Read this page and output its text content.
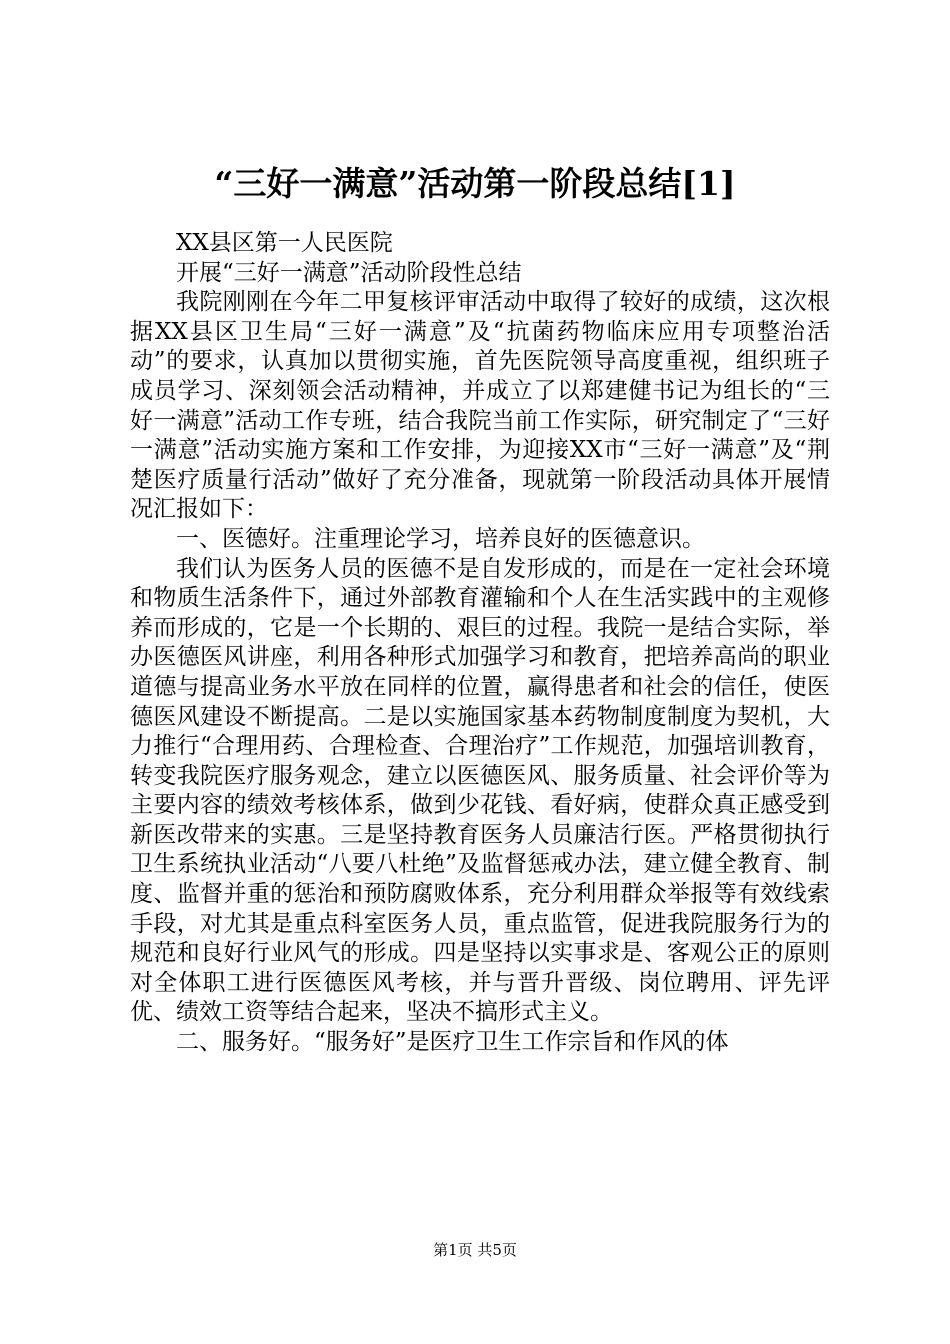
“三好一满意”活动第一阶段总结[1]

XX县区第一人民医院

开展“三好一满意”活动阶段性总结

我院刚刚在今年二甲复核评审活动中取得了较好的成绩，这次根据XX县区卫生局“三好一满意”及“抗菌药物临床应用专项整治活动”的要求，认真加以贯彻实施，首先医院领导高度重视，组织班子成员学习、深刻领会活动精神，并成立了以郑建健书记为组长的“三好一满意”活动工作专班，结合我院当前工作实际，研究制定了“三好一满意”活动实施方案和工作安排，为迎接XX市“三好一满意”及“荆楚医疗质量行活动”做好了充分准备，现就第一阶段活动具体开展情况汇报如下：

一、医德好。注重理论学习，培养良好的医德意识。

我们认为医务人员的医德不是自发形成的，而是在一定社会环境和物质生活条件下，通过外部教育灌输和个人在生活实践中的主观修养而形成的，它是一个长期的、艰巨的过程。我院一是结合实际，举办医德医风讲座，利用各种形式加强学习和教育，把培养高尚的职业道德与提高业务水平放在同样的位置，赢得患者和社会的信任，使医德医风建设不断提高。二是以实施国家基本药物制度制度为契机，大力推行“合理用药、合理检查、合理治疗”工作规范，加强培训教育，转变我院医疗服务观念，建立以医德医风、服务质量、社会评价等为主要内容的绩效考核体系，做到少花钱、看好病，使群众真正感受到新医改带来的实惠。三是坚持教育医务人员廉洁行医。严格贯彻执行卫生系统执业活动“八要八杜绝”及监督惩戒办法，建立健全教育、制度、监督并重的惩治和预防腐败体系，充分利用群众举报等有效线索手段，对尤其是重点科室医务人员，重点监管，促进我院服务行为的规范和良好行业风气的形成。四是坚持以实事求是、客观公正的原则对全体职工进行医德医风考核，并与晋升晋级、岗位聘用、评先评优、绩效工资等结合起来，坚决不搞形式主义。

二、服务好。“服务好”是医疗卫生工作宗旨和作风的体

第1页 共5页
